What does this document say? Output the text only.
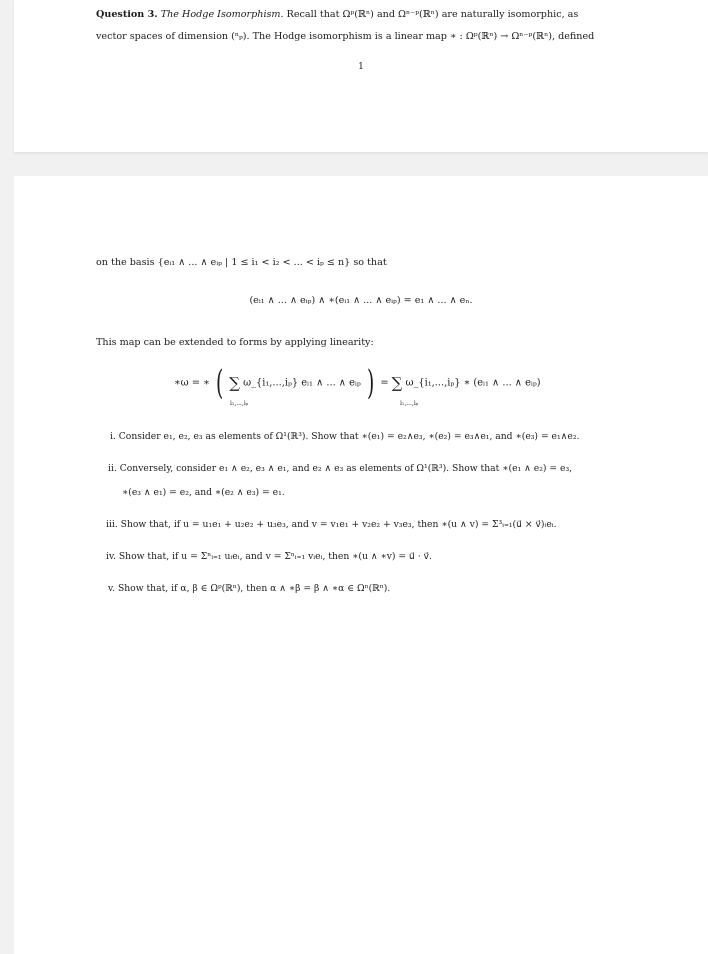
Question 3. The Hodge Isomorphism. Recall that Ωᵖ(ℝⁿ) and Ωⁿ⁻ᵖ(ℝⁿ) are naturally isomorphic, as
vector spaces of dimension (ⁿₚ). The Hodge isomorphism is a linear map ∗ : Ωᵖ(ℝⁿ) → Ωⁿ⁻ᵖ(ℝⁿ), defined
1
on the basis {eᵢ₁ ∧ ... ∧ eᵢₚ | 1 ≤ i₁ < i₂ < ... < iₚ ≤ n} so that
(eᵢ₁ ∧ ... ∧ eᵢₚ) ∧ ∗(eᵢ₁ ∧ ... ∧ eᵢₚ) = e₁ ∧ ... ∧ eₙ.
This map can be extended to forms by applying linearity:
∗ω = ∗ ( ∑ ω_{i₁,...,iₚ} eᵢ₁ ∧ ... ∧ eᵢₚ ) = ∑ ω_{i₁,...,iₚ} ∗ (eᵢ₁ ∧ ... ∧ eᵢₚ)
i₁,...,iₚ	i₁,...,iₚ
i. Consider e₁, e₂, e₃ as elements of Ω¹(ℝ³). Show that ∗(e₁) = e₂∧e₃, ∗(e₂) = e₃∧e₁, and ∗(e₃) = e₁∧e₂.
ii. Conversely, consider e₁ ∧ e₂, e₃ ∧ e₁, and e₂ ∧ e₃ as elements of Ω¹(ℝ³). Show that ∗(e₁ ∧ e₂) = e₃,
∗(e₃ ∧ e₁) = e₂, and ∗(e₂ ∧ e₃) = e₁.
iii. Show that, if u = u₁e₁ + u₂e₂ + u₃e₃, and v = v₁e₁ + v₂e₂ + v₃e₃, then ∗(u ∧ v) = Σ³ᵢ₌₁(u⃗ × v⃗)ᵢeᵢ.
iv. Show that, if u = Σⁿᵢ₌₁ uᵢeᵢ, and v = Σⁿᵢ₌₁ vᵢeᵢ, then ∗(u ∧ ∗v) = u⃗ · v⃗.
v. Show that, if α, β ∈ Ωᵖ(ℝⁿ), then α ∧ ∗β = β ∧ ∗α ∈ Ωⁿ(ℝⁿ).
